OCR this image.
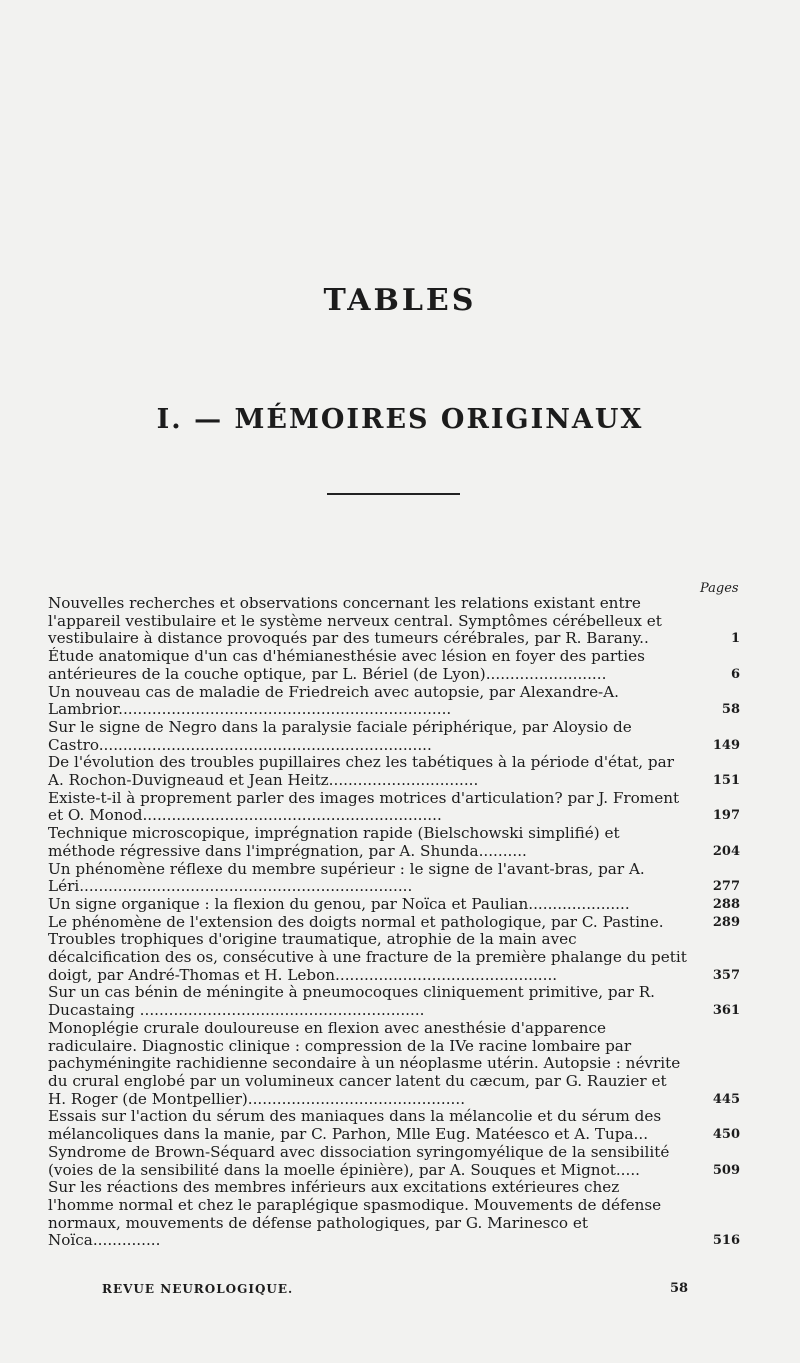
TABLES
I. — MÉMOIRES ORIGINAUX
Pages
Nouvelles recherches et observations concernant les relations existant entre l'appareil vestibulaire et le système nerveux central. Symptômes cérébelleux et vestibulaire à distance provoqués par des tumeurs cérébrales, par R. Barany..	1
Étude anatomique d'un cas d'hémianesthésie avec lésion en foyer des parties antérieures de la couche optique, par L. Bériel (de Lyon).........................	6
Un nouveau cas de maladie de Friedreich avec autopsie, par Alexandre-A. Lambrior.....................................................................	58
Sur le signe de Negro dans la paralysie faciale périphérique, par Aloysio de Castro.....................................................................	149
De l'évolution des troubles pupillaires chez les tabétiques à la période d'état, par A. Rochon-Duvigneaud et Jean Heitz...............................	151
Existe-t-il à proprement parler des images motrices d'articulation? par J. Froment et O. Monod..............................................................	197
Technique microscopique, imprégnation rapide (Bielschowski simplifié) et méthode régressive dans l'imprégnation, par A. Shunda..........	204
Un phénomène réflexe du membre supérieur : le signe de l'avant-bras, par A. Léri.....................................................................	277
Un signe organique : la flexion du genou, par Noïca et Paulian.....................	288
Le phénomène de l'extension des doigts normal et pathologique, par C. Pastine.	289
Troubles trophiques d'origine traumatique, atrophie de la main avec décalcification des os, consécutive à une fracture de la première phalange du petit doigt, par André-Thomas et H. Lebon..............................................	357
Sur un cas bénin de méningite à pneumocoques cliniquement primitive, par R. Ducastaing ...........................................................	361
Monoplégie crurale douloureuse en flexion avec anesthésie d'apparence radiculaire. Diagnostic clinique : compression de la IVe racine lombaire par pachyméningite rachidienne secondaire à un néoplasme utérin. Autopsie : névrite du crural englobé par un volumineux cancer latent du cæcum, par G. Rauzier et H. Roger (de Montpellier).............................................	445
Essais sur l'action du sérum des maniaques dans la mélancolie et du sérum des mélancoliques dans la manie, par C. Parhon, Mlle Eug. Matéesco et A. Tupa...	450
Syndrome de Brown-Séquard avec dissociation syringomyélique de la sensibilité (voies de la sensibilité dans la moelle épinière), par A. Souques et Mignot.....	509
Sur les réactions des membres inférieurs aux excitations extérieures chez l'homme normal et chez le paraplégique spasmodique. Mouvements de défense normaux, mouvements de défense pathologiques, par G. Marinesco et Noïca..............	516
REVUE NEUROLOGIQUE.	58
